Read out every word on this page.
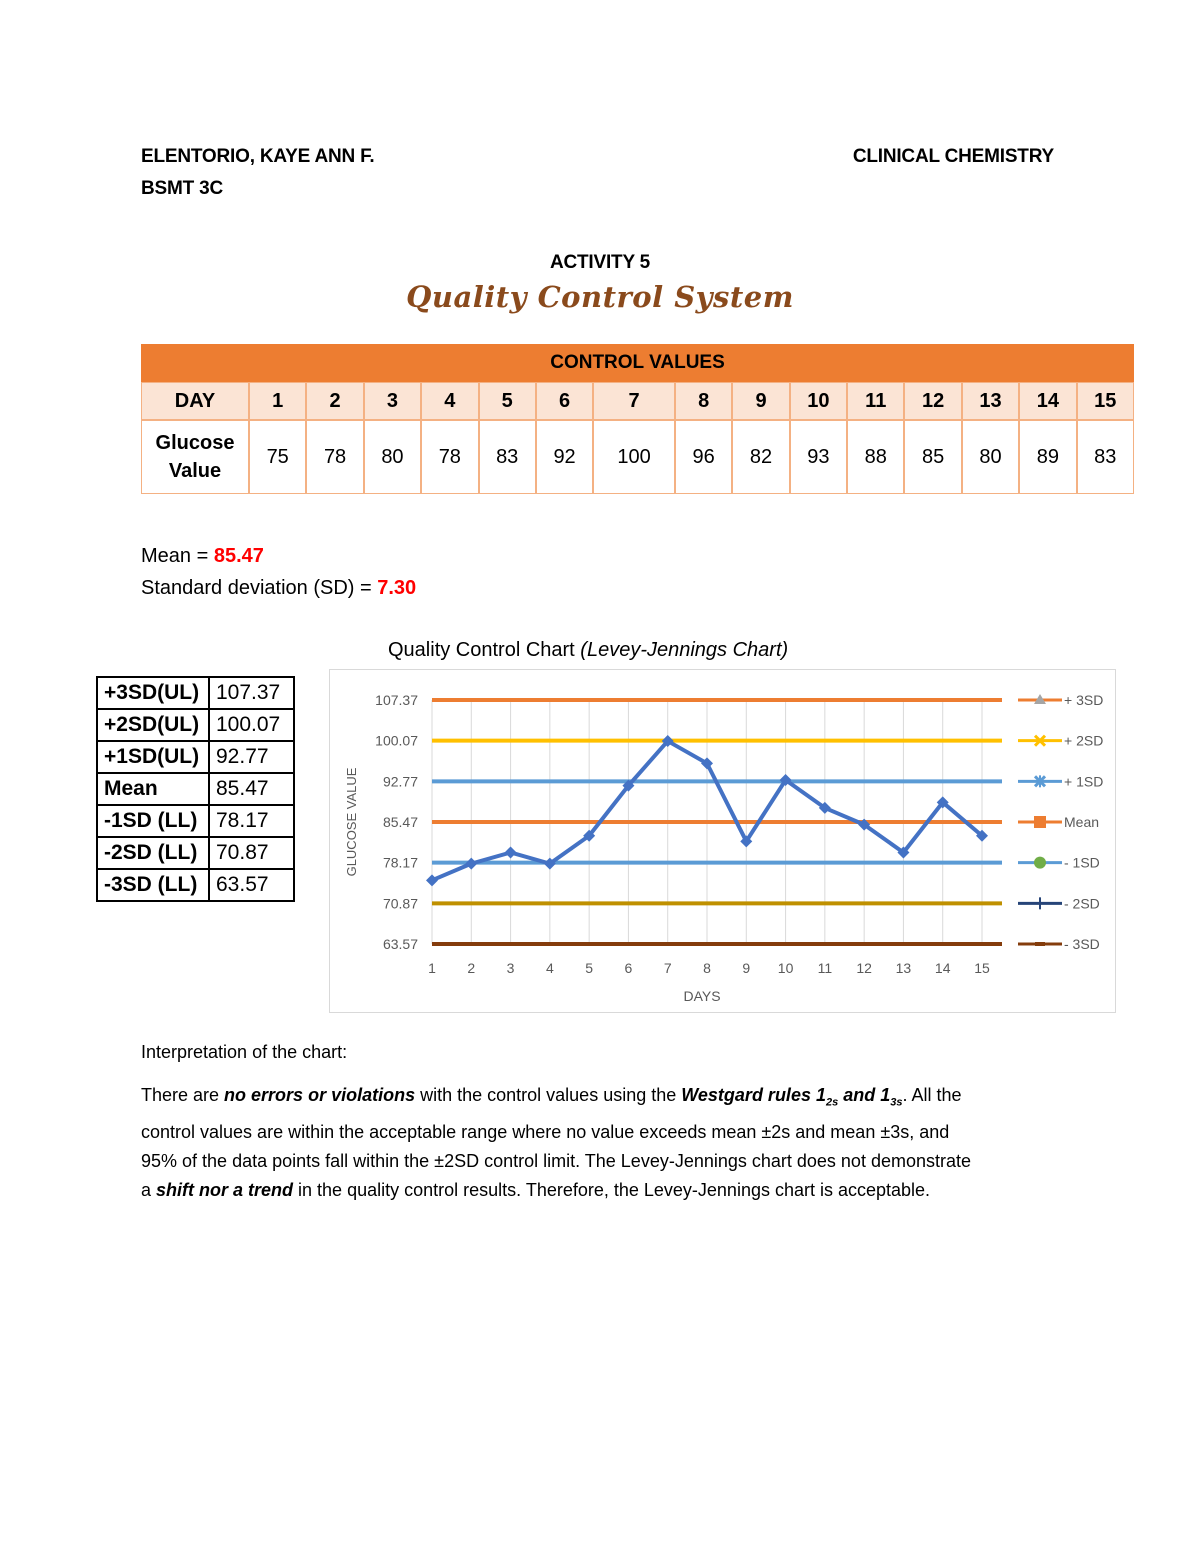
ELENTORIO, KAYE ANN F.
BSMT 3C
CLINICAL CHEMISTRY
ACTIVITY 5
Quality Control System
CONTROL VALUES															
DAY	1	2	3	4	5	6	7	8	9	10	11	12	13	14	15

Glucose
Value	75	78	80	78	83	92	100	96	82	93	88	85	80	89	83
Mean = 85.47
Standard deviation (SD) = 7.30
Quality Control Chart (Levey-Jennings Chart)
+3SD(UL)	107.37
+2SD(UL)	100.07
+1SD(UL)	92.77
Mean	85.47
-1SD (LL)	78.17
-2SD (LL)	70.87
-3SD (LL)	63.57
107.37
100.07
92.77
85.47
78.17
70.87
63.57
1 2 3 4 5 6 7 8 9 10 11 12 13 14 15
DAYS
GLUCOSE VALUE
+ 3SD
+ 2SD
+ 1SD
Mean
- 1SD
- 2SD
- 3SD
Interpretation of the chart:
There are no errors or violations with the control values using the Westgard rules $1_{2s}$ and $1_{3s}$. All the
control values are within the acceptable range where no value exceeds mean ±2s and mean ±3s, and
95% of the data points fall within the ±2SD control limit. The Levey-Jennings chart does not demonstrate
a shift nor a trend in the quality control results. Therefore, the Levey-Jennings chart is acceptable.
